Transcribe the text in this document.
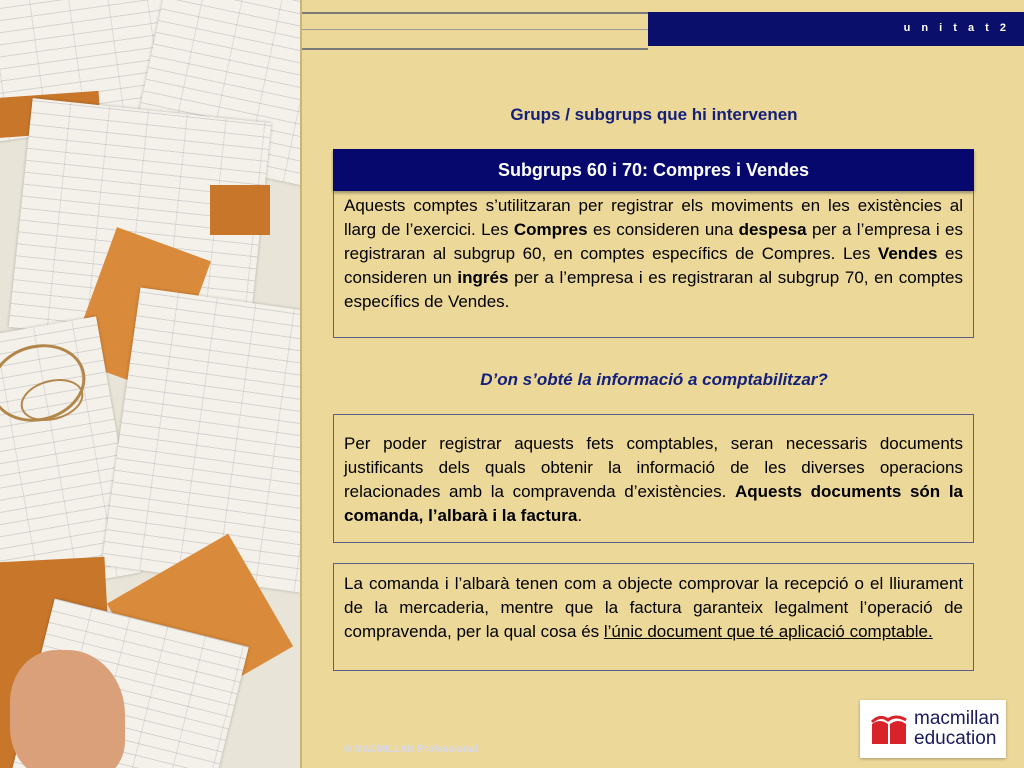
u n i t a t 2
Grups / subgrups que hi intervenen
Subgrups 60 i 70: Compres i Vendes
Aquests comptes s’utilitzaran per registrar els moviments en les existències al llarg de l’exercici. Les Compres es consideren una despesa per a l’empresa i es registraran al subgrup 60, en comptes específics de Compres. Les Vendes es consideren un ingrés per a l’empresa i es registraran al subgrup 70, en comptes específics de Vendes.
D’on s’obté la informació a comptabilitzar?
Per poder registrar aquests fets comptables, seran necessaris documents justificants dels quals obtenir la informació de les diverses operacions relacionades amb la compravenda d’existències. Aquests documents són la comanda, l’albarà i la factura.
La comanda i l’albarà tenen com a objecte comprovar la recepció o el lliurament de la mercaderia, mentre que la factura garanteix legalment l’operació de compravenda, per la qual cosa és l’únic document que té aplicació comptable.
macmillan
education
© MACMILLAN Professional
